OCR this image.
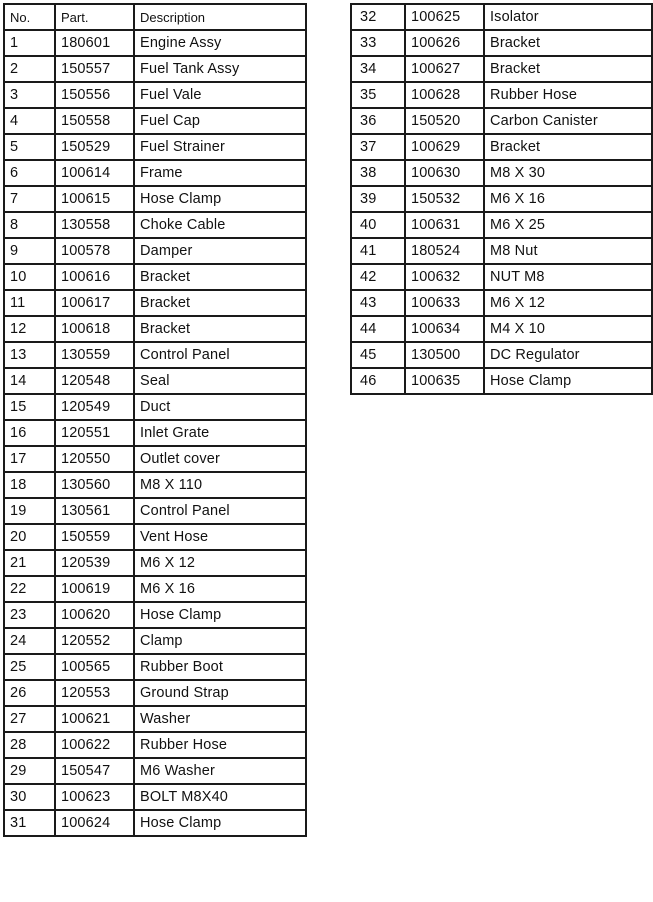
No.	Part.	Description
1	180601	Engine Assy
2	150557	Fuel Tank Assy
3	150556	Fuel Vale
4	150558	Fuel Cap
5	150529	Fuel Strainer
6	100614	Frame
7	100615	Hose Clamp
8	130558	Choke Cable
9	100578	Damper
10	100616	Bracket
11	100617	Bracket
12	100618	Bracket
13	130559	Control Panel
14	120548	Seal
15	120549	Duct
16	120551	Inlet Grate
17	120550	Outlet cover
18	130560	M8 X 110
19	130561	Control Panel
20	150559	Vent Hose
21	120539	M6 X 12
22	100619	M6 X 16
23	100620	Hose Clamp
24	120552	Clamp
25	100565	Rubber Boot
26	120553	Ground Strap
27	100621	Washer
28	100622	Rubber Hose
29	150547	M6 Washer
30	100623	BOLT M8X40
31	100624	Hose Clamp
32	100625	Isolator
33	100626	Bracket
34	100627	Bracket
35	100628	Rubber Hose
36	150520	Carbon Canister
37	100629	Bracket
38	100630	M8 X 30
39	150532	M6 X 16
40	100631	M6 X 25
41	180524	M8 Nut
42	100632	NUT M8
43	100633	M6 X 12
44	100634	M4 X 10
45	130500	DC Regulator
46	100635	Hose Clamp
